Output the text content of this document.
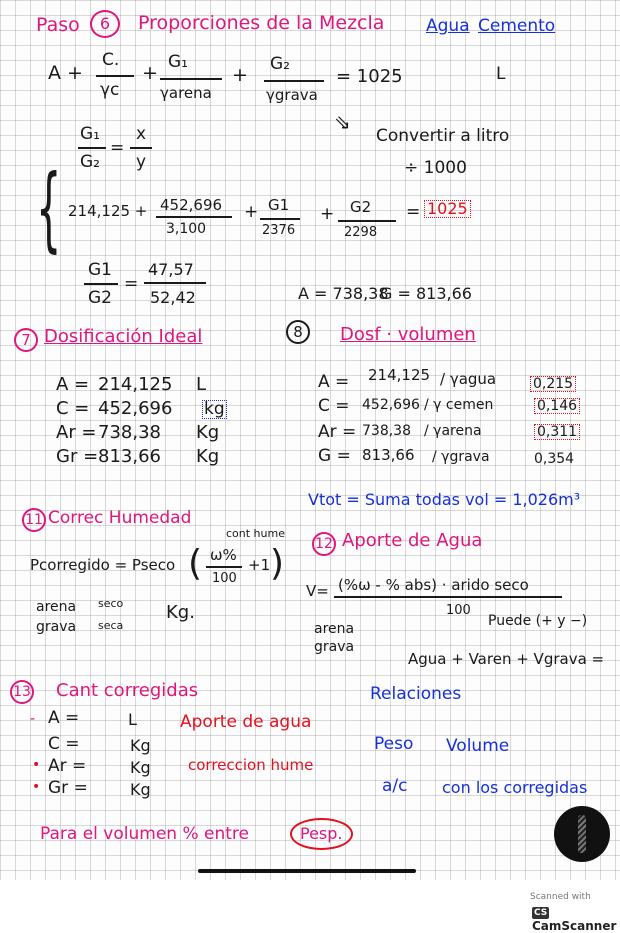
Paso	6	Proporciones de la Mezcla Agua Cemento
A +
C.
γc
+ G₁
γarena
+ G₂
γgrava
= 1025	L
G₁
G₂
=
x
y
⇘
Convertir a litro
÷ 1000
{ 214,125 + 452,696
3,100
+ G1
2376
+ G2
2298
= 1025
G1
G2
=
47,57
52,42	A = 738,38
G = 813,66
7 Dosificación Ideal
A = 214,125 L
C = 452,696 kg
Ar = 738,38 Kg
Gr = 813,66 Kg
8	Dosf · volumen
A = 214,125 / γagua	0,215
C = 452,696 / γ cemen	0,146
Ar = 738,38 / γarena	0,311
G = 813,66 / γgrava	0,354
Vtot = Suma todas vol = 1,026m³
11 Correc Humedad
cont hume
Pcorregido = Pseco ( ω%
100
+1 )
arena seco
grava seca
Kg.
12 Aporte de Agua
V= (%ω - % abs) · arido seco
100
Puede (+ y −)
arena
grava
Agua + Varen + Vgrava =
13 Cant corregidas
- A =	L
C =	Kg
• Ar =	Kg
• Gr =	Kg
Aporte de agua
correccion hume
Relaciones
Peso Volume
a/c con los corregidas
Para el volumen % entre	Pesp.
Scanned with
CSCamScanner
